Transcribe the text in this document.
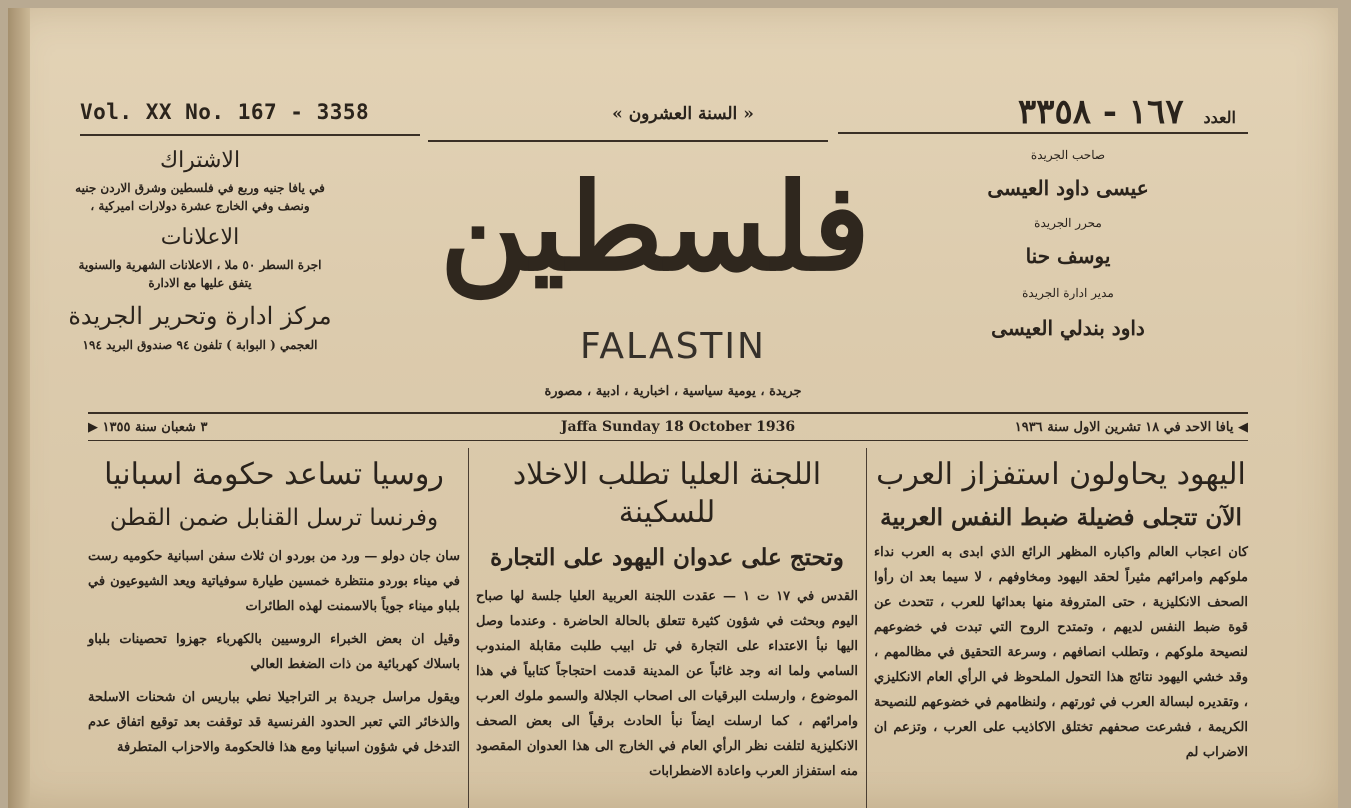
Vol. XX No. 167 - 3358	« السنة العشرون »	العدد ١٦٧ - ٣٣٥٨
صاحب الجريدة
عيسى داود العيسى
محرر الجريدة
يوسف حنا
مدير ادارة الجريدة
داود بندلي العيسى
الاشتراك
في يافا جنيه وربع في فلسطين وشرق الاردن جنيه
ونصف وفي الخارج عشرة دولارات اميركية ،
الاعلانات
اجرة السطر ٥٠ ملا ، الاعلانات الشهرية والسنوية
يتفق عليها مع الادارة
مركز ادارة وتحرير الجريدة
العجمي ( البوابة ) تلفون ٩٤ صندوق البريد ١٩٤
فلسطين
FALASTIN
جريدة ، يومية سياسية ، اخبارية ، ادبية ، مصورة
◀ يافا الاحد في ١٨ تشرين الاول سنة ١٩٣٦
Jaffa Sunday 18 October 1936
٣ شعبان سنة ١٣٥٥ ▶
اليهود يحاولون استفزاز العرب
الآن تتجلى فضيلة ضبط النفس العربية

كان اعجاب العالم واكباره المظهر الرائع الذي ابدى به العرب نداء ملوكهم وامرائهم مثيراً لحقد اليهود ومخاوفهم ، لا سيما بعد ان رأوا الصحف الانكليزية ، حتى المتروفة منها بعدائها للعرب ، تتحدث عن قوة ضبط النفس لديهم ، وتمتدح الروح التي تبدت في خضوعهم لنصيحة ملوكهم ، وتطلب انصافهم ، وسرعة التحقيق في مظالمهم ، وقد خشي اليهود نتائج هذا التحول الملحوظ في الرأي العام الانكليزي ، وتقديره لبسالة العرب في ثورتهم ، ولنظامهم في خضوعهم للنصيحة الكريمة ، فشرعت صحفهم تختلق الاكاذيب على العرب ، وتزعم ان الاضراب لم

اللجنة العليا تطلب الاخلاد للسكينة
وتحتج على عدوان اليهود على التجارة

القدس في ١٧ ت ١ — عقدت اللجنة العربية العليا جلسة لها صباح اليوم وبحثت في شؤون كثيرة تتعلق بالحالة الحاضرة . وعندما وصل اليها نبأ الاعتداء على التجارة في تل ابيب طلبت مقابلة المندوب السامي ولما انه وجد غائباً عن المدينة قدمت احتجاجاً كتابياً في هذا الموضوع ، وارسلت البرقيات الى اصحاب الجلالة والسمو ملوك العرب وامرائهم ، كما ارسلت ايضاً نبأ الحادث برقياً الى بعض الصحف الانكليزية لتلفت نظر الرأي العام في الخارج الى هذا العدوان المقصود منه استفزاز العرب واعادة الاضطرابات

روسيا تساعد حكومة اسبانيا
وفرنسا ترسل القنابل ضمن القطن

سان جان دولو — ورد من بوردو ان ثلاث سفن اسبانية حكوميه رست في ميناء بوردو منتظرة خمسين طيارة سوفياتية ويعد الشيوعيون في بلباو ميناء جوياً بالاسمنت لهذه الطائرات

وقيل ان بعض الخبراء الروسيين بالكهرباء جهزوا تحصينات بلباو باسلاك كهربائية من ذات الضغط العالي

ويقول مراسل جريدة بر التراجيلا نطي بباريس ان شحنات الاسلحة والذخائر التي تعبر الحدود الفرنسية قد توقفت بعد توقيع اتفاق عدم التدخل في شؤون اسبانيا ومع هذا فالحكومة والاحزاب المتطرفة
